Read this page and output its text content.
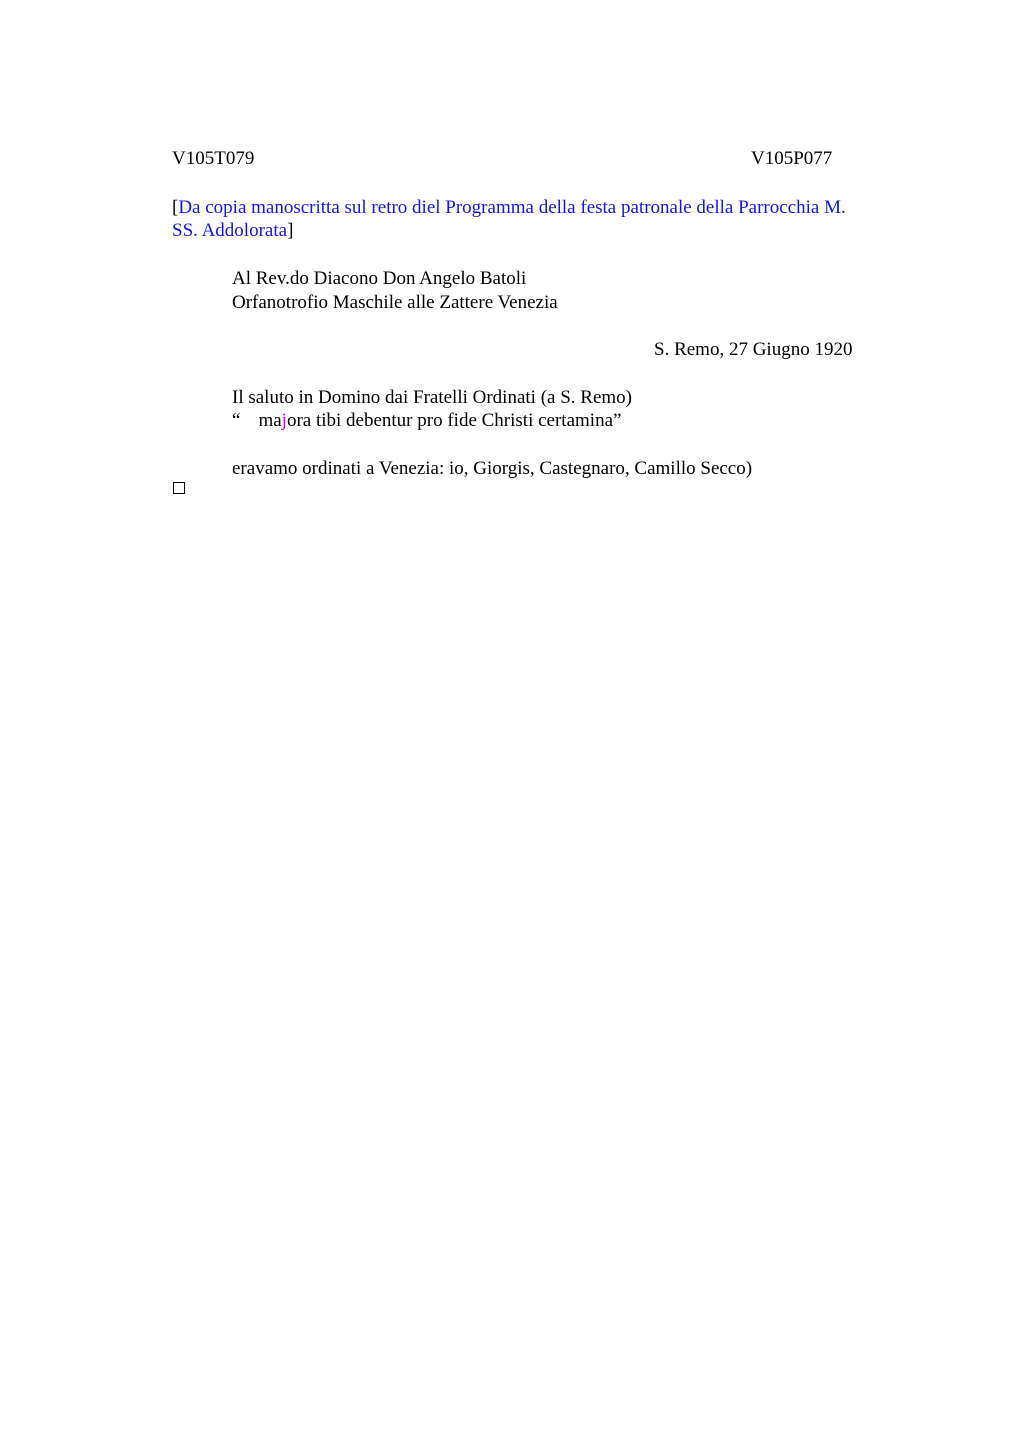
V105T079	V105P077
[Da copia manoscritta sul retro diel Programma della festa patronale della Parrocchia M.
SS. Addolorata]
Al Rev.do Diacono Don Angelo Batoli
Orfanotrofio Maschile alle Zattere Venezia
S. Remo, 27 Giugno 1920
Il saluto in Domino dai Fratelli Ordinati (a S. Remo)
“ majora tibi debentur pro fide Christi certamina”
eravamo ordinati a Venezia: io, Giorgis, Castegnaro, Camillo Secco)
